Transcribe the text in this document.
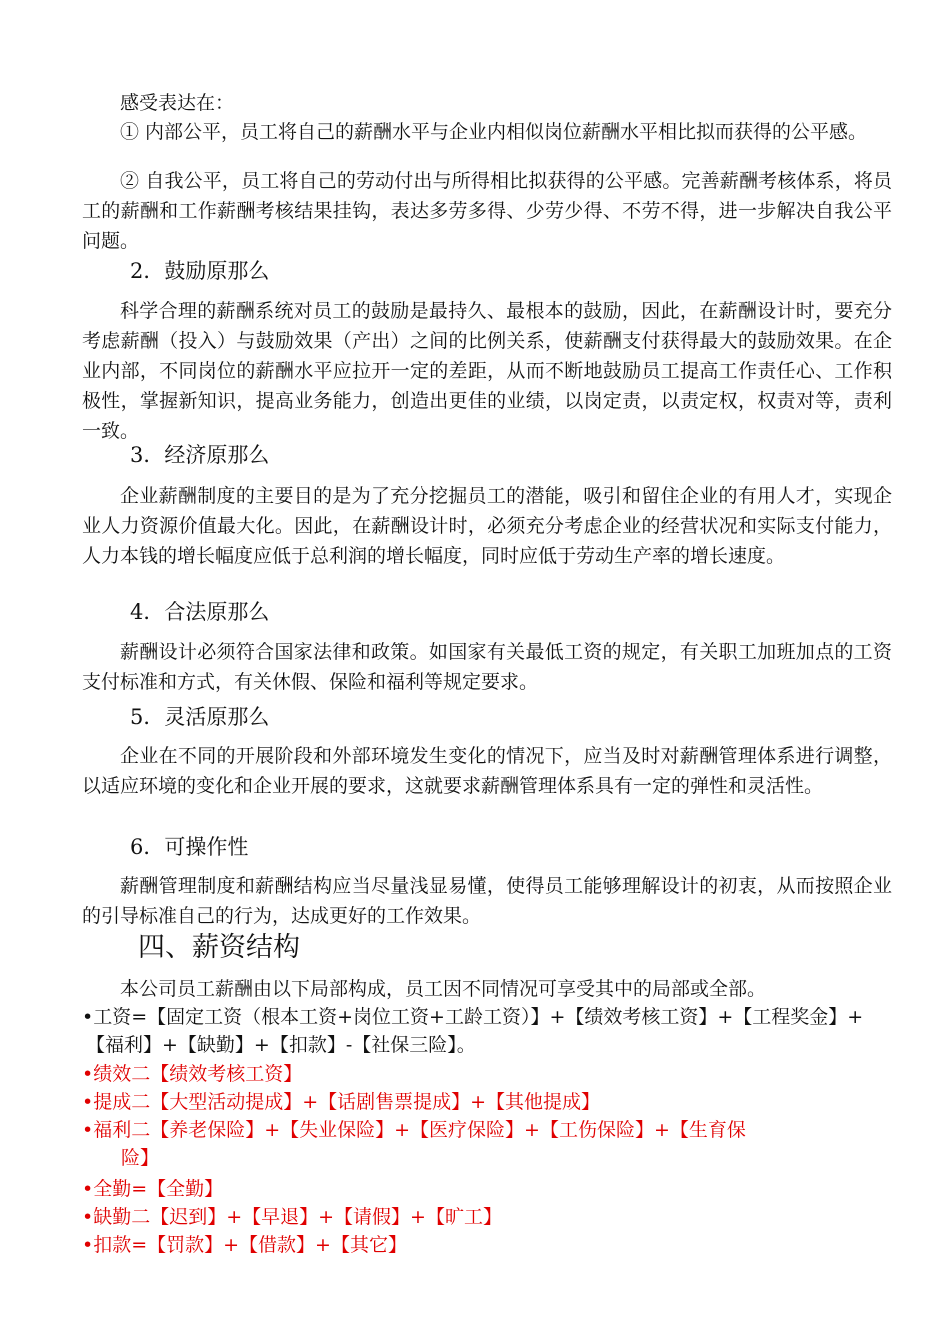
感受表达在：

① 内部公平，员工将自己的薪酬水平与企业内相似岗位薪酬水平相比拟而获得的公平感。

② 自我公平，员工将自己的劳动付出与所得相比拟获得的公平感。完善薪酬考核体系，将员工的薪酬和工作薪酬考核结果挂钩，表达多劳多得、少劳少得、不劳不得，进一步解决自我公平问题。

2．鼓励原那么

科学合理的薪酬系统对员工的鼓励是最持久、最根本的鼓励，因此，在薪酬设计时，要充分考虑薪酬（投入）与鼓励效果（产出）之间的比例关系，使薪酬支付获得最大的鼓励效果。在企业内部，不同岗位的薪酬水平应拉开一定的差距，从而不断地鼓励员工提高工作责任心、工作积极性，掌握新知识，提高业务能力，创造出更佳的业绩，以岗定责，以责定权，权责对等，责利一致。

3．经济原那么

企业薪酬制度的主要目的是为了充分挖掘员工的潜能，吸引和留住企业的有用人才，实现企业人力资源价值最大化。因此，在薪酬设计时，必须充分考虑企业的经营状况和实际支付能力，人力本钱的增长幅度应低于总利润的增长幅度，同时应低于劳动生产率的增长速度。

4．合法原那么

薪酬设计必须符合国家法律和政策。如国家有关最低工资的规定，有关职工加班加点的工资支付标准和方式，有关休假、保险和福利等规定要求。

5．灵活原那么

企业在不同的开展阶段和外部环境发生变化的情况下，应当及时对薪酬管理体系进行调整，以适应环境的变化和企业开展的要求，这就要求薪酬管理体系具有一定的弹性和灵活性。

6．可操作性

薪酬管理制度和薪酬结构应当尽量浅显易懂，使得员工能够理解设计的初衷，从而按照企业的引导标准自己的行为，达成更好的工作效果。

四、薪资结构

本公司员工薪酬由以下局部构成，员工因不同情况可享受其中的局部或全部。

•工资=【固定工资（根本工资+岗位工资+工龄工资）】+【绩效考核工资】+【工程奖金】+

【福利】+【缺勤】+【扣款】-【社保三险】。

•绩效二【绩效考核工资】

•提成二【大型活动提成】+【话剧售票提成】+【其他提成】

•福利二【养老保险】+【失业保险】+【医疗保险】+【工伤保险】+【生育保

险】

•全勤=【全勤】

•缺勤二【迟到】+【早退】+【请假】+【旷工】

•扣款=【罚款】+【借款】+【其它】
